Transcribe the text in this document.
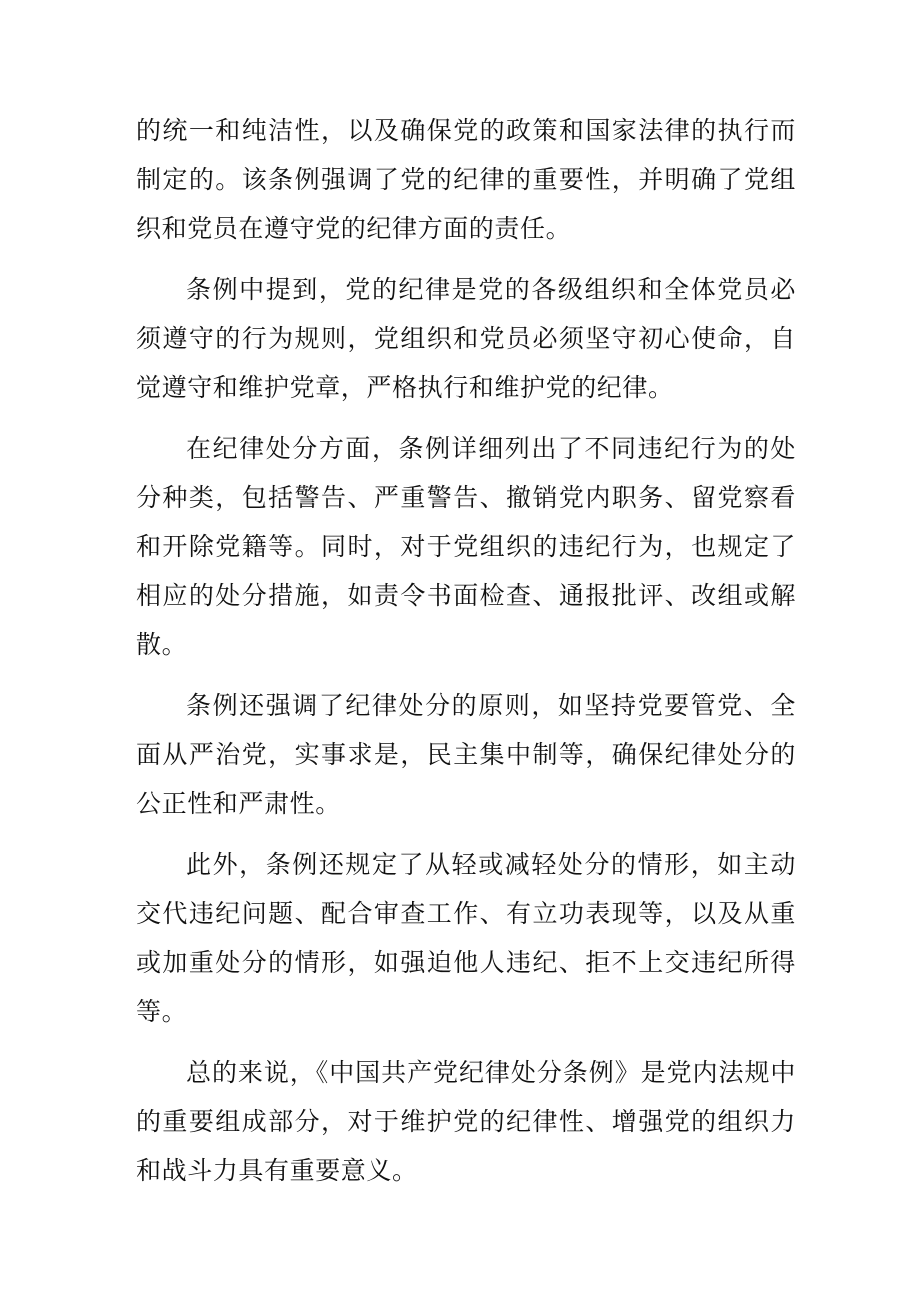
的统一和纯洁性，以及确保党的政策和国家法律的执行而制定的。该条例强调了党的纪律的重要性，并明确了党组织和党员在遵守党的纪律方面的责任。

条例中提到，党的纪律是党的各级组织和全体党员必须遵守的行为规则，党组织和党员必须坚守初心使命，自觉遵守和维护党章，严格执行和维护党的纪律。

在纪律处分方面，条例详细列出了不同违纪行为的处分种类，包括警告、严重警告、撤销党内职务、留党察看和开除党籍等。同时，对于党组织的违纪行为，也规定了相应的处分措施，如责令书面检查、通报批评、改组或解散。

条例还强调了纪律处分的原则，如坚持党要管党、全面从严治党，实事求是，民主集中制等，确保纪律处分的公正性和严肃性。

此外，条例还规定了从轻或减轻处分的情形，如主动交代违纪问题、配合审查工作、有立功表现等，以及从重或加重处分的情形，如强迫他人违纪、拒不上交违纪所得等。

总的来说，《中国共产党纪律处分条例》是党内法规中的重要组成部分，对于维护党的纪律性、增强党的组织力和战斗力具有重要意义。
